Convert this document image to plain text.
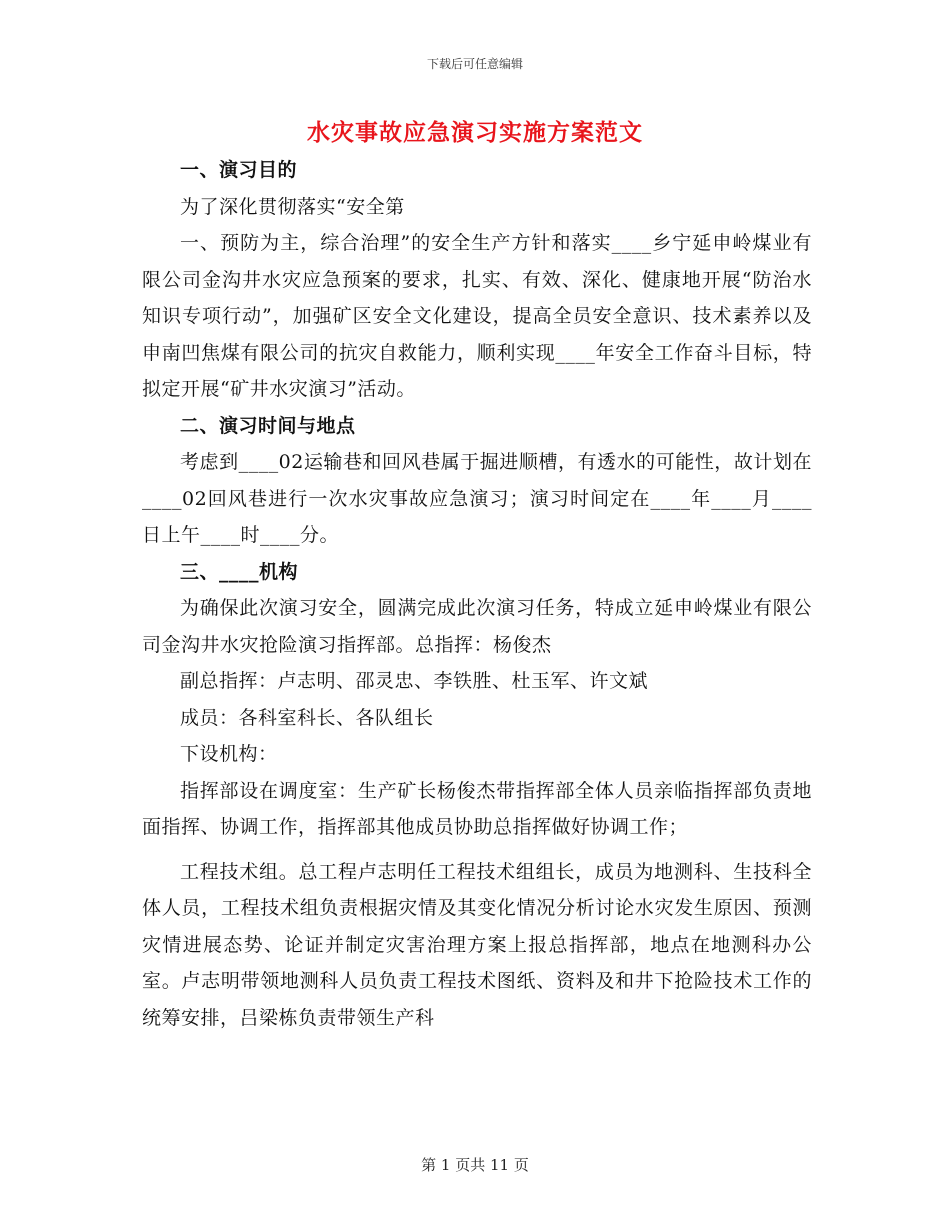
下载后可任意编辑
水灾事故应急演习实施方案范文

一、演习目的

为了深化贯彻落实“安全第

一、预防为主，综合治理”的安全生产方针和落实____乡宁延申岭煤业有限公司金沟井水灾应急预案的要求，扎实、有效、深化、健康地开展“防治水知识专项行动”，加强矿区安全文化建设，提高全员安全意识、技术素养以及申南凹焦煤有限公司的抗灾自救能力，顺利实现____年安全工作奋斗目标，特拟定开展“矿井水灾演习”活动。

二、演习时间与地点

考虑到____02运输巷和回风巷属于掘进顺槽，有透水的可能性，故计划在____02回风巷进行一次水灾事故应急演习；演习时间定在____年____月____日上午____时____分。

三、____机构

为确保此次演习安全，圆满完成此次演习任务，特成立延申岭煤业有限公司金沟井水灾抢险演习指挥部。总指挥：杨俊杰

副总指挥：卢志明、邵灵忠、李铁胜、杜玉军、许文斌

成员：各科室科长、各队组长

下设机构：

指挥部设在调度室：生产矿长杨俊杰带指挥部全体人员亲临指挥部负责地面指挥、协调工作，指挥部其他成员协助总指挥做好协调工作；

工程技术组。总工程卢志明任工程技术组组长，成员为地测科、生技科全体人员，工程技术组负责根据灾情及其变化情况分析讨论水灾发生原因、预测灾情进展态势、论证并制定灾害治理方案上报总指挥部，地点在地测科办公室。卢志明带领地测科人员负责工程技术图纸、资料及和井下抢险技术工作的统筹安排，吕梁栋负责带领生产科

第 1 页共 11 页
